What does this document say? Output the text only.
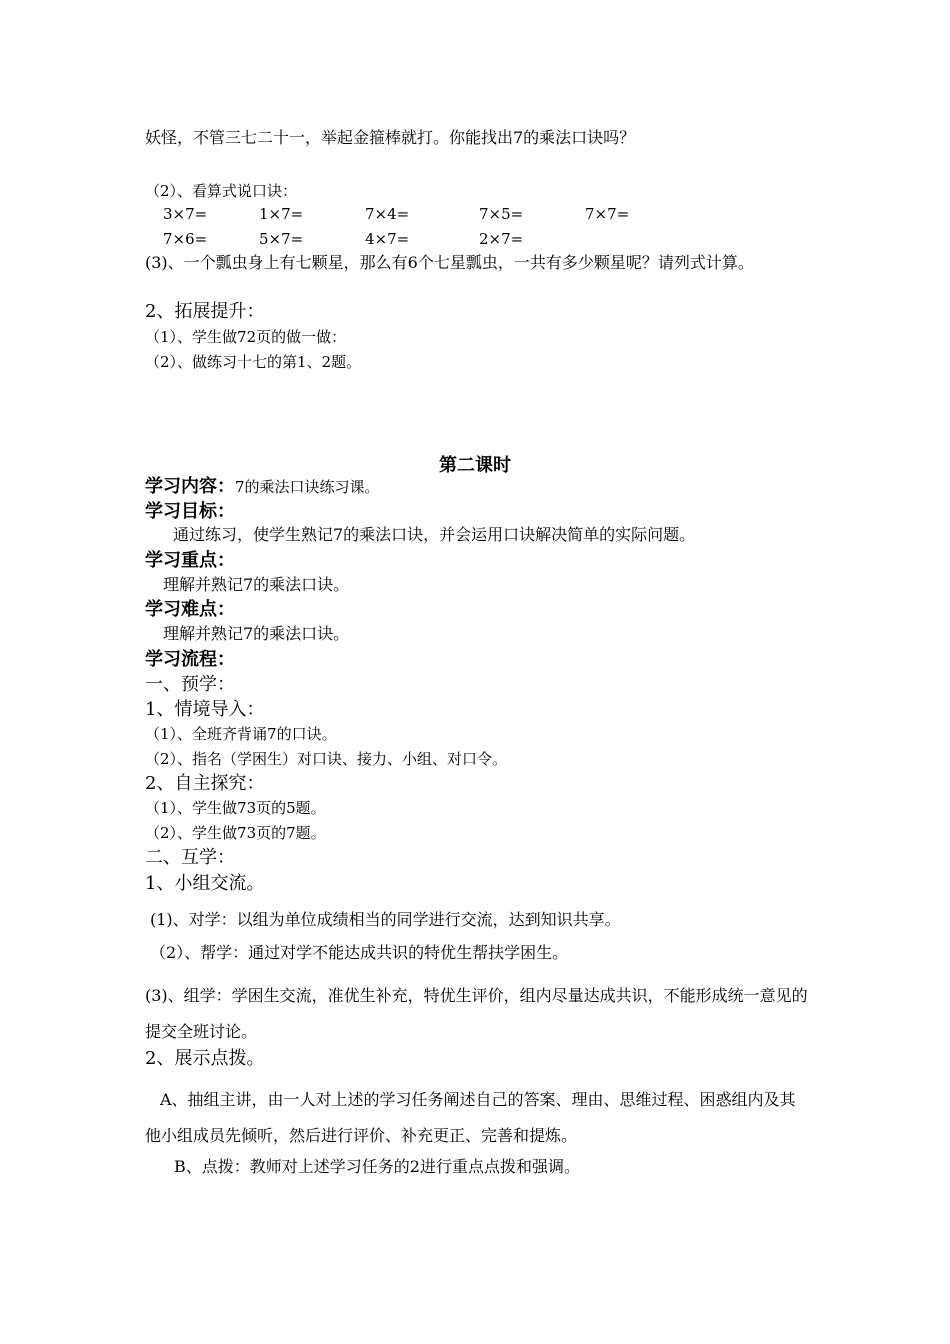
妖怪，不管三七二十一，举起金箍棒就打。你能找出7的乘法口诀吗？
（2）、看算式说口诀：
3×7=	1×7=	7×4=	7×5=	7×7=
7×6=	5×7=	4×7=	2×7=
(3)、一个瓢虫身上有七颗星，那么有6个七星瓢虫，一共有多少颗星呢？请列式计算。
2、拓展提升：
（1）、学生做72页的做一做：
（2）、做练习十七的第1、2题。
第二课时
学习内容：7的乘法口诀练习课。
学习目标：
通过练习，使学生熟记7的乘法口诀，并会运用口诀解决简单的实际问题。
学习重点：
理解并熟记7的乘法口诀。
学习难点：
理解并熟记7的乘法口诀。
学习流程：
一、预学：
1、情境导入：
（1）、全班齐背诵7的口诀。
（2）、指名（学困生）对口诀、接力、小组、对口令。
2、自主探究：
（1）、学生做73页的5题。
（2）、学生做73页的7题。
二、互学：
1、小组交流。
(1)、对学：以组为单位成绩相当的同学进行交流，达到知识共享。
（2）、帮学：通过对学不能达成共识的特优生帮扶学困生。
(3)、组学：学困生交流，准优生补充，特优生评价，组内尽量达成共识，不能形成统一意见的提交全班讨论。
2、展示点拨。
A、抽组主讲，由一人对上述的学习任务阐述自己的答案、理由、思维过程、困惑组内及其他小组成员先倾听，然后进行评价、补充更正、完善和提炼。
B、点拨：教师对上述学习任务的2进行重点点拨和强调。
